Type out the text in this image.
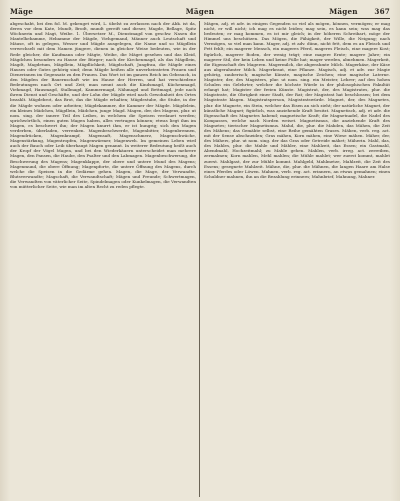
Mäge	Mägen	Mägen 367

abgeschabt, bei den fol. M. gekeuget wird, L. übelst zu zerlassen nach der Abk. ist da, deren vor dem Kate, Mundt, Brodt, mundt gereift und dieser, Magde, Bellage, Spitz Wöchnerin und Magt, Weibe. 1. Übersetzer M., Dienstmagd von geschw. Nasen die Mantelhebamme, Hebamme der Mägde, Viehgemand, Männer auch Leutschaft und Mäuse, oft in gelegen, Wesser und Mägde ausgelegen, die Name und so Mägdlein verwechselt mit dem Namen jüngere, dienen in gleicher Weise bedeuten, wie in der Rede gleicher, die Kaufmann oder Mägte, Weibe, die Mäget gesehen und das Kleid, Mägdchen besonders zu Hause der Bürger; nach der Kirchenmagd, als das Mägdlein, Magdt, Magdetum, Mägdlein, Mägdlichkeit, Mägdschaft, Jungfrau, die Mägde eines Hauses oder Gutes gehörig sind; denn Mägde heißen alle unverheirateten Frauen und Dienerinnen im Gegensatz zu den Frauen. Das Wort ist im ganzen Reich im Gebrauch, in den Mägden der Bauernschaft wie im Hause der Herren, und hat verschiedene Bedeutungen nach Ort und Zeit; man nennt auch die Kindsmagd, Küchenmagd, Viehmagd, Hausmagd, Stallmagd, Kammermagd, Nähmagd und Bettmagd, jede nach ihrem Dienst und Geschäfte, und der Lohn der Mägde wird nach Gewohnheit des Ortes bezahlt. Mägdebrot, das Brot, das die Mägde erhalten; Mägdestube, die Stube, in der die Mägde wohnen oder arbeiten; Mägdekammer, die Kammer der Mägde. Mägdelein, ein kleines Mädchen, Mägdlein, Mädchen, junge Magd. Magen, der, des Magens, plur. ut nom. sing. der innere Teil des Leibes, in welchem die Speisen verdauet werden; sprichwörtlich, einen guten Magen haben, alles vertragen können; etwas liegt ihm im Magen, es beschwert ihn; der Magen knurrt ihm, er ist hungrig; sich den Magen verderben, überladen, verrenken. Magenbeschwerde, Magenbitter, Magenbrennen, Magendrücken, Magenkrampf, Magensaft, Magenschmerz, Magenschwäche, Magenstärkung, Magentropfen, Magenwärmer, Magenweh. Im gemeinen Leben wird auch der Bauch oder Leib überhaupt Magen genannt. In weiterer Bedeutung heißt auch der Kropf der Vögel Magen, und bei den Wiederkäuern unterscheidet man mehrere Magen, den Pansen, die Haube, den Psalter und den Labmagen. Magenbeschwerung, die Beschwerung des Magens; Magenklappe, der obere und untere Mund des Magens; Magenmund, die obere Öffnung; Magenpforte, die untere Öffnung des Magens, durch welche die Speisen in die Gedärme gehen. Magen, die Mage, der Verwandte, Blutsverwandte; Magschaft, die Verwandtschaft; Mägen und Freunde; Schwertmagen, die Verwandten von väterlicher Seite, Spindelmagen oder Kunkelmagen, die Verwandten von mütterlicher Seite, wie man im alten Recht zu reden pflegte.

Mägen, adj. et adv. in einigen Gegenden so viel als mögen, können, vermögen; er mag nicht, er will nicht; ich mag es nicht leiden; mag sein, es kann sein; was mag das bedeuten; er mag kommen, es ist mir gleich; in der höheren Schreibart, möge der Himmel uns beschützen. Das Mögen, die Fähigkeit, der Wille, die Neigung; nach Vermögen, so viel man kann. Mager, adj. et adv. dünn, nicht fett, dem es an Fleisch und Fett fehlt; ein magerer Mensch, ein mageres Pferd, mageres Fleisch, eine magere Kost; figürlich, magerer Boden, der wenig trägt; eine magere Ernte; magere Jahre; ein magerer Stil, der kein Leben und keine Fülle hat; mager werden, abnehmen. Magerkeit, die Eigenschaft des Mageren. Magermilch, die abgerahmte Milch. Magerkäse, der Käse aus abgerahmter Milch. Magerkraut, eine Pflanze. Magisch, adj. et adv. zur Magie gehörig, zauberisch; magische Künste, magische Zeichen; eine magische Laterne. Magister, der, des Magisters, plur. ut nom. sing. ein Meister, Lehrer; auf den hohen Schulen ein Gelehrter, welcher die höchste Würde in der philosophischen Fakultät erlangt hat; Magister der freien Künste. Magistrat, der, des Magistrates, plur. die Magistrate, die Obrigkeit einer Stadt, der Rat; der Magistrat hat beschlossen; bei dem Magistrate klagen. Magistratsperson, Magistratswürde. Magnet, der, des Magnetes, plur. die Magnete, ein Stein, welcher das Eisen an sich zieht; der natürliche Magnet, der künstliche Magnet; figürlich, was anziehende Kraft besitzt. Magnetisch, adj. et adv. die Eigenschaft des Magnetes habend; magnetische Kraft; die Magnetnadel, die Nadel des Kompasses, welche nach Norden weiset. Magnetismus, die anziehende Kraft des Magnetes; tierischer Magnetismus. Mahd, die, plur. die Mahden, das Mähen, die Zeit des Mähens; das Gemähte selbst, eine Reihe gemähten Grases. Mähen, verb. reg. act. mit der Sense abschneiden; Gras mähen, Korn mähen, eine Wiese mähen. Mäher, der, des Mähers, plur. ut nom. sing. der das Gras oder Getreide mähet; Mäherin. Mahl, das, des Mahles, plur. die Mahle und Mähler, eine Mahlzeit, das Essen; ein Gastmahl, Abendmahl, Hochzeitmahl; zu Mahle gehen. Mahlen, verb. irreg. act. zerreiben, zermalmen; Korn mahlen, Mehl mahlen; die Mühle mahlet; wer zuerst kommt, mahlet zuerst. Mahlgast, der zur Mühle kommt. Mahlgeld, Mahlmetze, Mahlzeit, die Zeit des Essens; gesegnete Mahlzeit. Mähne, die, plur. die Mähnen, die langen Haare am Halse eines Pferdes oder Löwen. Mahnen, verb. reg. act. erinnern, an etwas gemahnen; einen Schuldner mahnen, ihn an die Bezahlung erinnern; Mahnbrief, Mahnung, Mahner.
